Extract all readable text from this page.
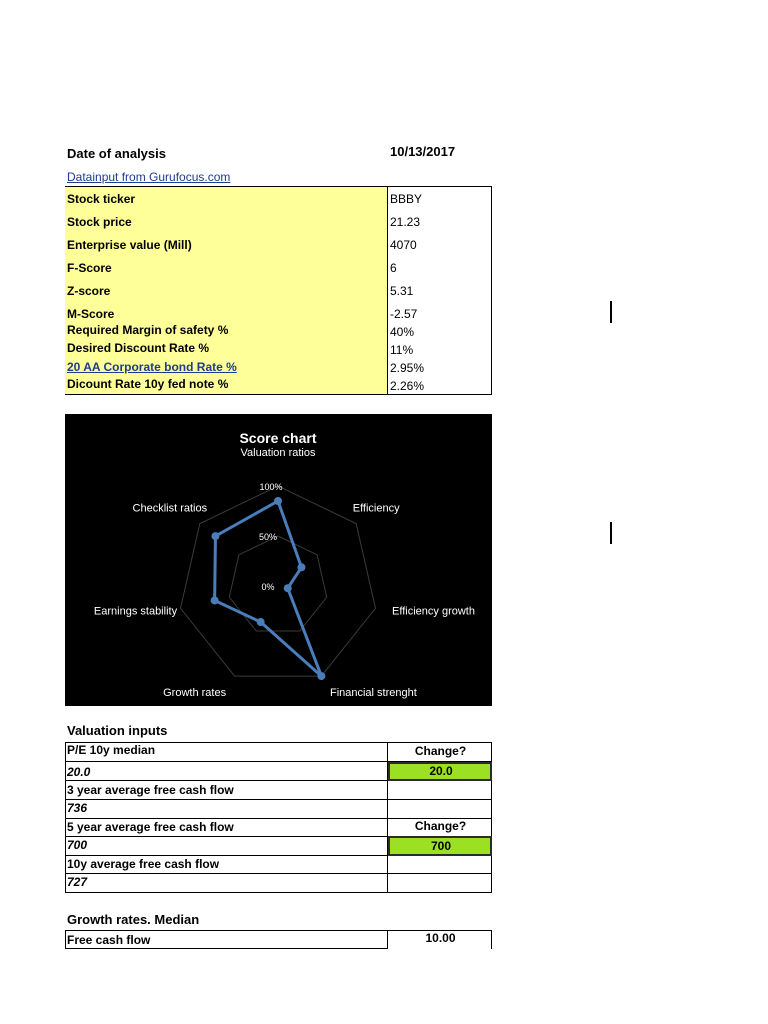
Date of analysis	10/13/2017
Datainput from Gurufocus.com
Stock ticker	BBBY
Stock price	21.23
Enterprise value (Mill)	4070
F-Score	6
Z-score	5.31
M-Score	-2.57
Required Margin of safety %	40%
Desired Discount Rate %	11%
20 AA Corporate bond Rate %	2.95%
Dicount Rate 10y fed note %	2.26%
Score chart
Valuation ratios
Efficiency
Efficiency growth
Financial strenght
Growth rates
Earnings stability
Checklist ratios
0%
50%
100%
Valuation inputs
P/E 10y median	Change?
20.0	20.0
3 year average free cash flow
736
5 year average free cash flow	Change?
700	700
10y average free cash flow
727
Growth rates. Median
Free cash flow	10.00
